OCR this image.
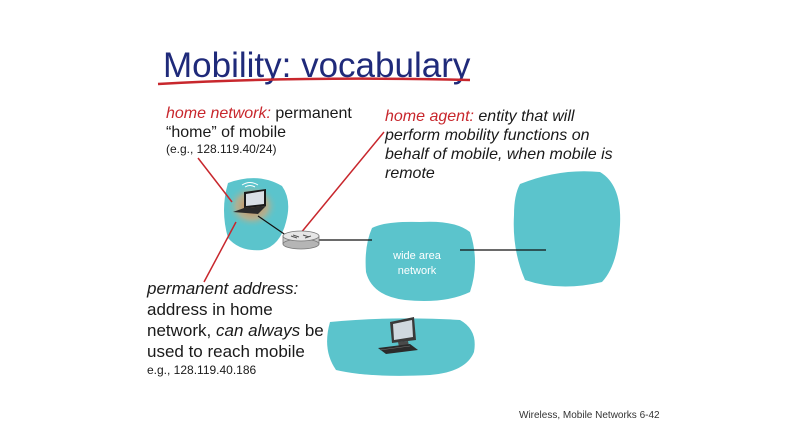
Mobility: vocabulary
home network: permanent
“home” of mobile
(e.g., 128.119.40/24)
home agent: entity that will
perform mobility functions on
behalf of mobile, when mobile is
remote
wide area
network
permanent address:
address in home
network, can always be
used to reach mobile
e.g., 128.119.40.186
Wireless, Mobile Networks 6-42
